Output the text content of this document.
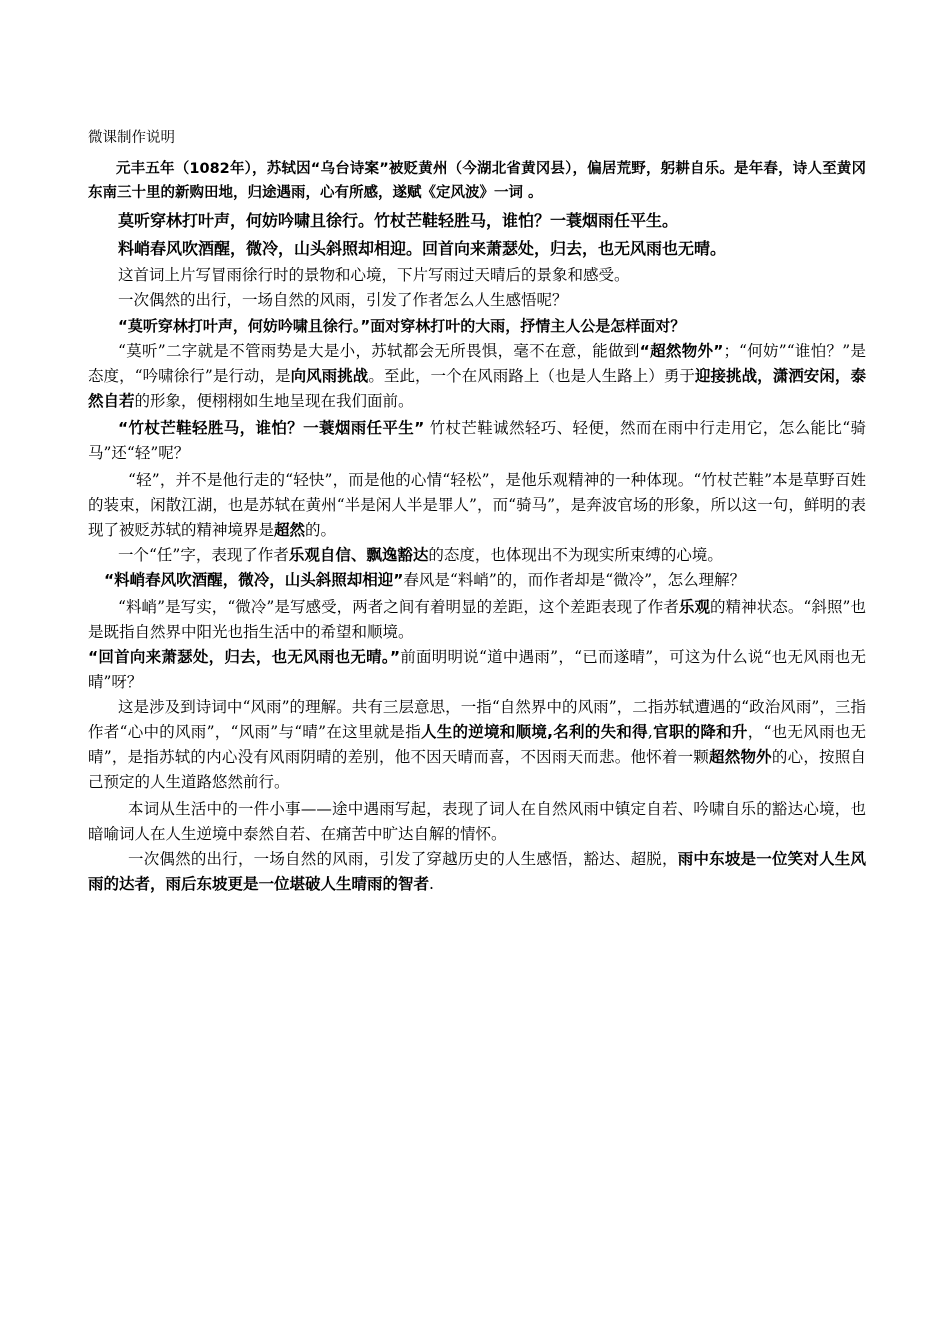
微课制作说明

元丰五年（1082年），苏轼因“乌台诗案”被贬黄州（今湖北省黄冈县），偏居荒野，躬耕自乐。是年春，诗人至黄冈东南三十里的新购田地，归途遇雨，心有所感，遂赋《定风波》一词 。

莫听穿林打叶声，何妨吟啸且徐行。竹杖芒鞋轻胜马，谁怕？一蓑烟雨任平生。

料峭春风吹酒醒，微冷，山头斜照却相迎。回首向来萧瑟处，归去，也无风雨也无晴。

这首词上片写冒雨徐行时的景物和心境，下片写雨过天晴后的景象和感受。

一次偶然的出行，一场自然的风雨，引发了作者怎么人生感悟呢？

“莫听穿林打叶声，何妨吟啸且徐行。”面对穿林打叶的大雨，抒情主人公是怎样面对？

“莫听”二字就是不管雨势是大是小，苏轼都会无所畏惧，毫不在意，能做到“超然物外”；“何妨”“谁怕？”是态度，“吟啸徐行”是行动，是向风雨挑战。至此，一个在风雨路上（也是人生路上）勇于迎接挑战，潇洒安闲，泰然自若的形象，便栩栩如生地呈现在我们面前。

“竹杖芒鞋轻胜马，谁怕？一蓑烟雨任平生” 竹杖芒鞋诚然轻巧、轻便，然而在雨中行走用它，怎么能比“骑马”还“轻”呢？

“轻”，并不是他行走的“轻快”，而是他的心情“轻松”，是他乐观精神的一种体现。“竹杖芒鞋”本是草野百姓的装束，闲散江湖，也是苏轼在黄州“半是闲人半是罪人”，而“骑马”，是奔波官场的形象，所以这一句，鲜明的表现了被贬苏轼的精神境界是超然的。

一个“任”字，表现了作者乐观自信、飘逸豁达的态度，也体现出不为现实所束缚的心境。

“料峭春风吹酒醒，微冷，山头斜照却相迎”春风是“料峭”的，而作者却是“微冷”，怎么理解？

“料峭”是写实，“微冷”是写感受，两者之间有着明显的差距，这个差距表现了作者乐观的精神状态。“斜照”也是既指自然界中阳光也指生活中的希望和顺境。

“回首向来萧瑟处，归去，也无风雨也无晴。”前面明明说“道中遇雨”，“已而遂晴”，可这为什么说“也无风雨也无晴”呀？

这是涉及到诗词中“风雨”的理解。共有三层意思，一指“自然界中的风雨”，二指苏轼遭遇的“政治风雨”，三指作者“心中的风雨”，“风雨”与“晴”在这里就是指人生的逆境和顺境,名利的失和得,官职的降和升，“也无风雨也无晴”，是指苏轼的内心没有风雨阴晴的差别，他不因天晴而喜，不因雨天而悲。他怀着一颗超然物外的心，按照自己预定的人生道路悠然前行。

本词从生活中的一件小事——途中遇雨写起，表现了词人在自然风雨中镇定自若、吟啸自乐的豁达心境，也暗喻词人在人生逆境中泰然自若、在痛苦中旷达自解的情怀。

一次偶然的出行，一场自然的风雨，引发了穿越历史的人生感悟，豁达、超脱，雨中东坡是一位笑对人生风雨的达者，雨后东坡更是一位堪破人生晴雨的智者.
